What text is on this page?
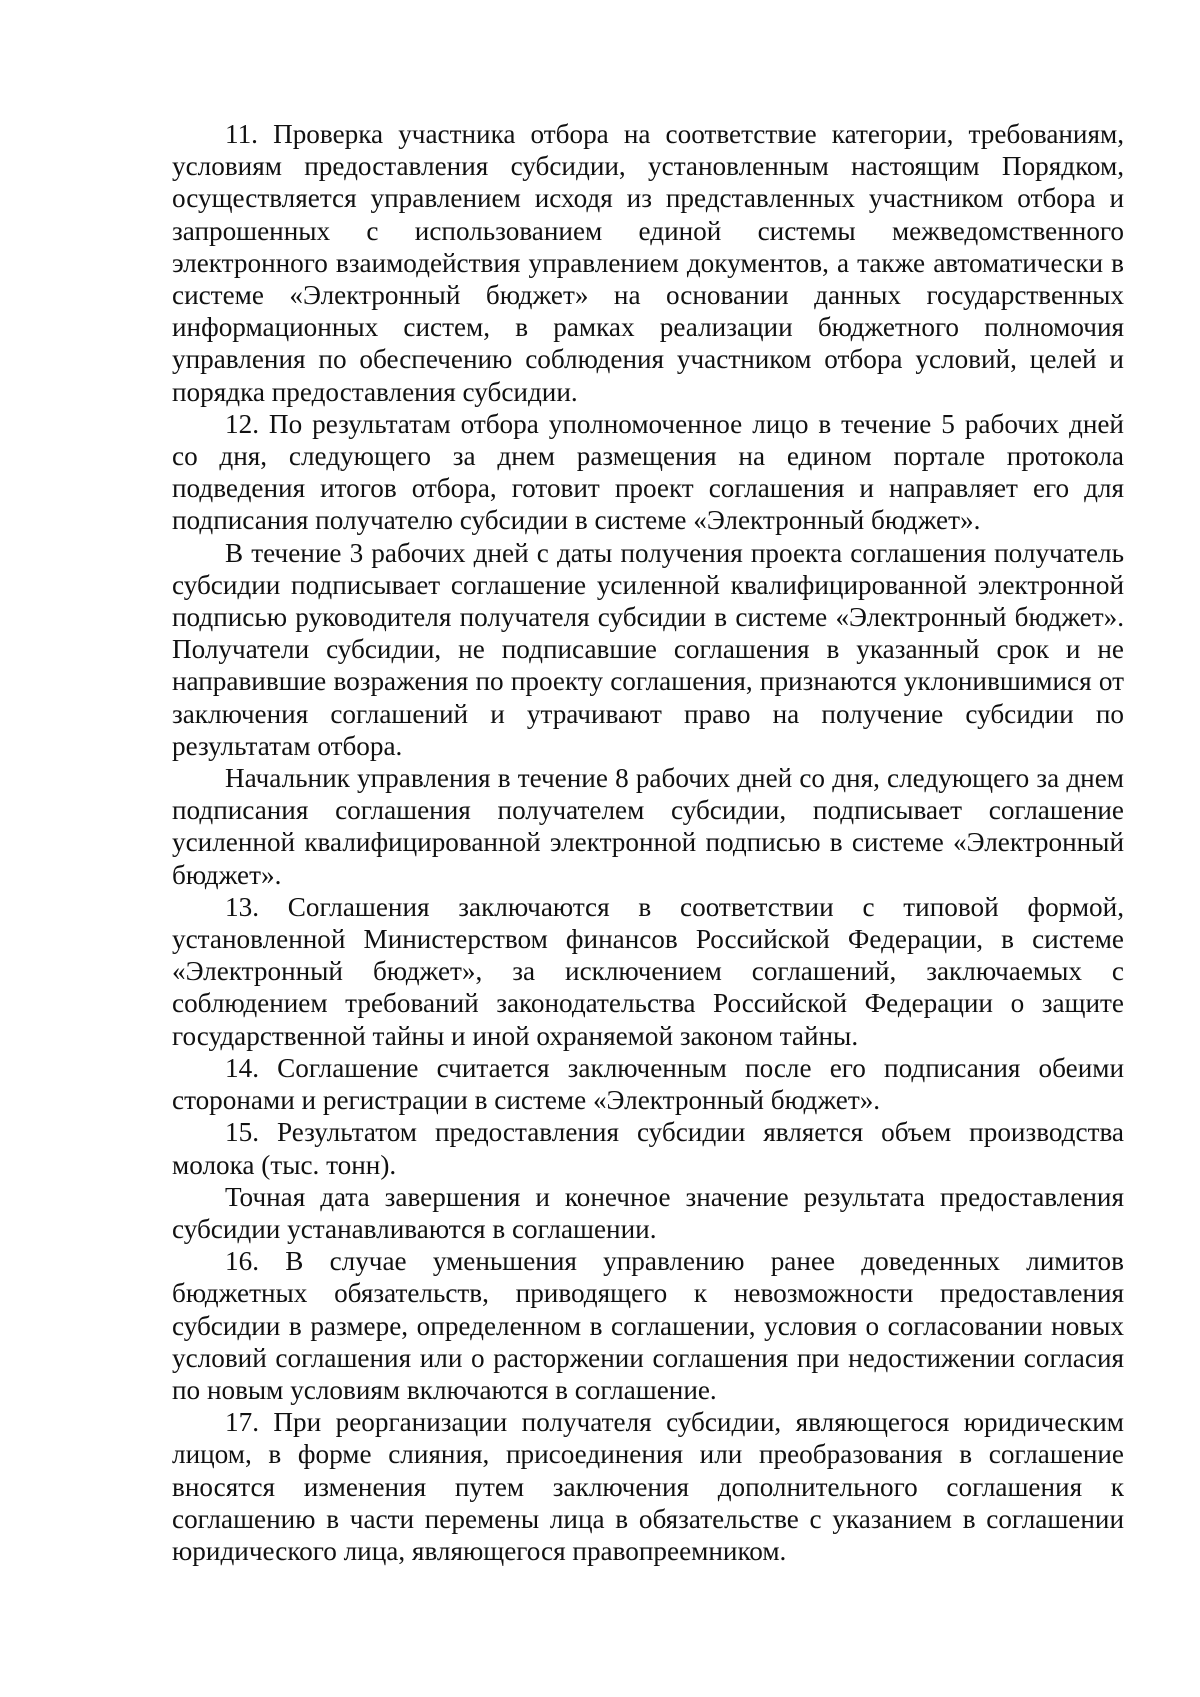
11. Проверка участника отбора на соответствие категории, требованиям, условиям предоставления субсидии, установленным настоящим Порядком, осуществляется управлением исходя из представленных участником отбора и запрошенных с использованием единой системы межведомственного электронного взаимодействия управлением документов, а также автоматически в системе «Электронный бюджет» на основании данных государственных информационных систем, в рамках реализации бюджетного полномочия управления по обеспечению соблюдения участником отбора условий, целей и порядка предоставления субсидии.

12. По результатам отбора уполномоченное лицо в течение 5 рабочих дней со дня, следующего за днем размещения на едином портале протокола подведения итогов отбора, готовит проект соглашения и направляет его для подписания получателю субсидии в системе «Электронный бюджет».

В течение 3 рабочих дней с даты получения проекта соглашения получатель субсидии подписывает соглашение усиленной квалифицированной электронной подписью руководителя получателя субсидии в системе «Электронный бюджет». Получатели субсидии, не подписавшие соглашения в указанный срок и не направившие возражения по проекту соглашения, признаются уклонившимися от заключения соглашений и утрачивают право на получение субсидии по результатам отбора.

Начальник управления в течение 8 рабочих дней со дня, следующего за днем подписания соглашения получателем субсидии, подписывает соглашение усиленной квалифицированной электронной подписью в системе «Электронный бюджет».

13. Соглашения заключаются в соответствии с типовой формой, установленной Министерством финансов Российской Федерации, в системе «Электронный бюджет», за исключением соглашений, заключаемых с соблюдением требований законодательства Российской Федерации о защите государственной тайны и иной охраняемой законом тайны.

14. Соглашение считается заключенным после его подписания обеими сторонами и регистрации в системе «Электронный бюджет».

15. Результатом предоставления субсидии является объем производства молока (тыс. тонн).

Точная дата завершения и конечное значение результата предоставления субсидии устанавливаются в соглашении.

16. В случае уменьшения управлению ранее доведенных лимитов бюджетных обязательств, приводящего к невозможности предоставления субсидии в размере, определенном в соглашении, условия о согласовании новых условий соглашения или о расторжении соглашения при недостижении согласия по новым условиям включаются в соглашение.

17. При реорганизации получателя субсидии, являющегося юридическим лицом, в форме слияния, присоединения или преобразования в соглашение вносятся изменения путем заключения дополнительного соглашения к соглашению в части перемены лица в обязательстве с указанием в соглашении юридического лица, являющегося правопреемником.
